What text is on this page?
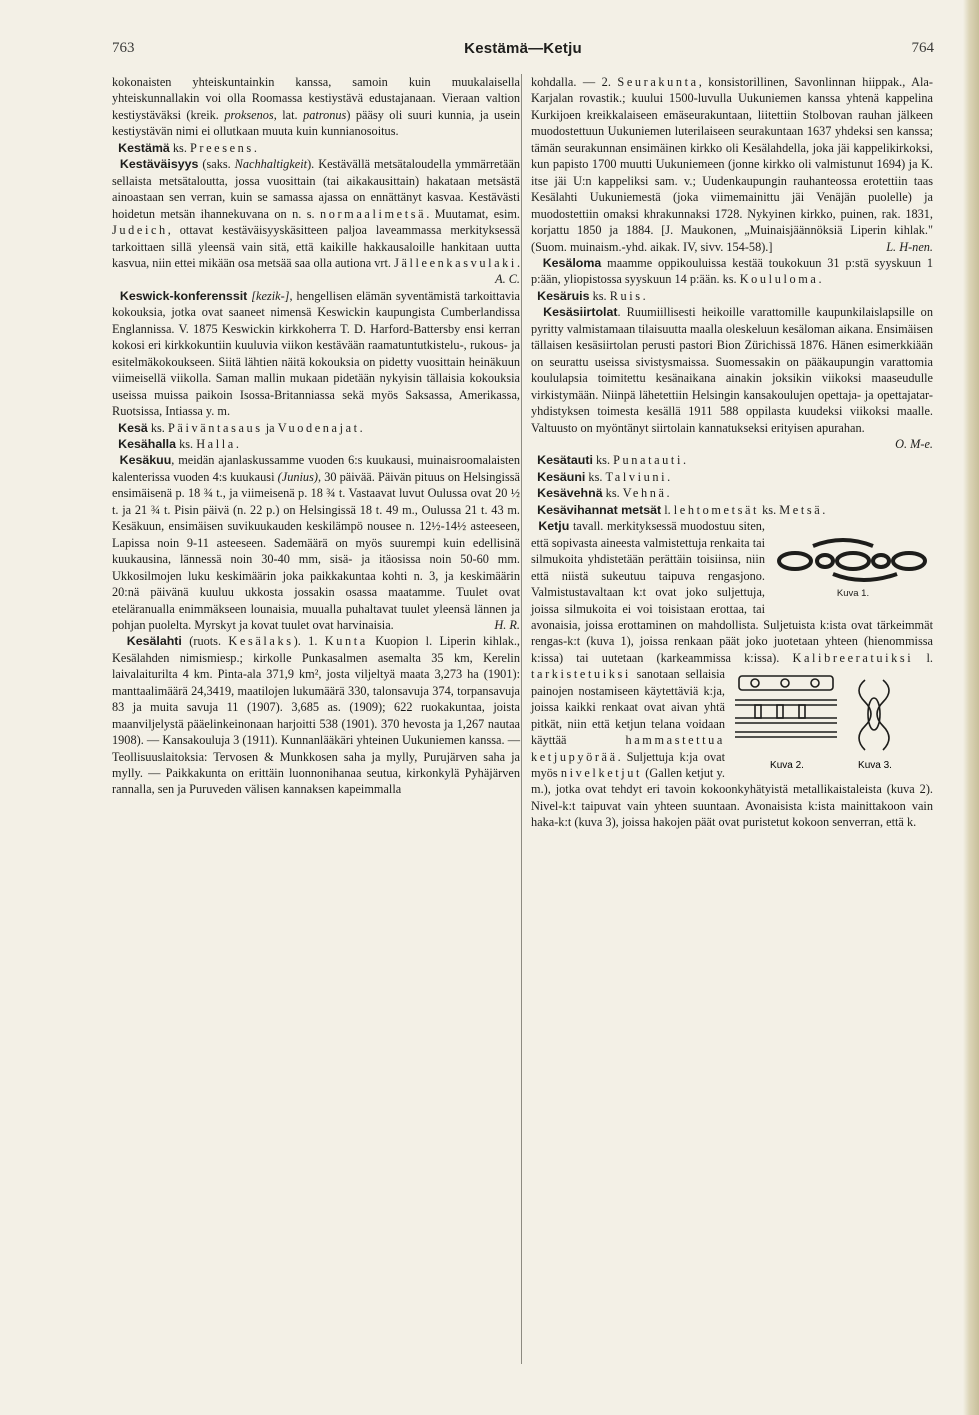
763	Kestämä—Ketju	764

kokonaisten yhteiskuntainkin kanssa, samoin kuin muukalaisella yhteiskunnallakin voi olla Roomassa kestiystävä edustajanaan. Vieraan valtion kestiystäväksi (kreik. proksenos, lat. patronus) pääsy oli suuri kunnia, ja usein kestiystävän nimi ei ollutkaan muuta kuin kunnianosoitus.

Kestämä ks. Preesens.

Kestäväisyys (saks. Nachhaltigkeit). Kestävällä metsätaloudella ymmärretään sellaista metsätaloutta, jossa vuosittain (tai aikakausittain) hakataan metsästä ainoastaan sen verran, kuin se samassa ajassa on ennättänyt kasvaa. Kestävästi hoidetun metsän ihannekuvana on n. s. normaalimetsä. Muutamat, esim. Judeich, ottavat kestäväisyyskäsitteen paljoa laveammassa merkityksessä tarkoittaen sillä yleensä vain sitä, että kaikille hakkausaloille hankitaan uutta kasvua, niin ettei mikään osa metsää saa olla autiona vrt. Jälleenkasvulaki.
A. C.

Keswick-konferenssit [kezik-], hengellisen elämän syventämistä tarkoittavia kokouksia, jotka ovat saaneet nimensä Keswickin kaupungista Cumberlandissa Englannissa. V. 1875 Keswickin kirkkoherra T. D. Harford-Battersby ensi kerran kokosi eri kirkkokuntiin kuuluvia viikon kestävään raamatuntutkistelu-, rukous- ja esitelmäkokoukseen. Siitä lähtien näitä kokouksia on pidetty vuosittain heinäkuun viimeisellä viikolla. Saman mallin mukaan pidetään nykyisin tällaisia kokouksia useissa muissa paikoin Isossa-Britanniassa sekä myös Saksassa, Amerikassa, Ruotsissa, Intiassa y. m.

Kesä ks. Päiväntasaus ja Vuodenajat.

Kesähalla ks. Halla.

Kesäkuu, meidän ajanlaskussamme vuoden 6:s kuukausi, muinaisroomalaisten kalenterissa vuoden 4:s kuukausi (Junius), 30 päivää. Päivän pituus on Helsingissä ensimäisenä p. 18 ¾ t., ja viimeisenä p. 18 ¾ t. Vastaavat luvut Oulussa ovat 20 ½ t. ja 21 ¾ t. Pisin päivä (n. 22 p.) on Helsingissä 18 t. 49 m., Oulussa 21 t. 43 m. Kesäkuun, ensimäisen suvikuukauden keskilämpö nousee n. 12½-14½ asteeseen, Lapissa noin 9-11 asteeseen. Sademäärä on myös suurempi kuin edellisinä kuukausina, lännessä noin 30-40 mm, sisä- ja itäosissa noin 50-60 mm. Ukkosilmojen luku keskimäärin joka paikkakuntaa kohti n. 3, ja keskimäärin 20:nä päivänä kuuluu ukkosta jossakin osassa maatamme. Tuulet ovat eteläranualla enimmäkseen lounaisia, muualla puhaltavat tuulet yleensä lännen ja pohjan puolelta. Myrskyt ja kovat tuulet ovat harvinaisia.	H. R.

Kesälahti (ruots. Kesälaks). 1. Kunta Kuopion l. Liperin kihlak., Kesälahden nimismiesp.; kirkolle Punkasalmen asemalta 35 km, Kerelin laivalaiturilta 4 km. Pinta-ala 371,9 km², josta viljeltyä maata 3,273 ha (1901): manttaalimäärä 24,3419, maatilojen lukumäärä 330, talonsavuja 374, torpansavuja 83 ja muita savuja 11 (1907). 3,685 as. (1909); 622 ruokakuntaa, joista maanviljelystä pääelinkeinonaan harjoitti 538 (1901). 370 hevosta ja 1,267 nautaa 1908). — Kansakouluja 3 (1911). Kunnanlääkäri yhteinen Uukuniemen kanssa. — Teollisuuslaitoksia: Tervosen & Munkkosen saha ja mylly, Purujärven saha ja mylly. — Paikkakunta on erittäin luonnonihanaa seutua, kirkonkylä Pyhäjärven rannalla, sen ja Puruveden välisen kannaksen kapeimmalla

kohdalla. — 2. Seurakunta, konsistorillinen, Savonlinnan hiippak., Ala-Karjalan rovastik.; kuului 1500-luvulla Uukuniemen kanssa yhtenä kappelina Kurkijoen kreikkalaiseen emäseurakuntaan, liitettiin Stolbovan rauhan jälkeen muodostettuun Uukuniemen luterilaiseen seurakuntaan 1637 yhdeksi sen kanssa; tämän seurakunnan ensimäinen kirkko oli Kesälahdella, joka jäi kappelikirkoksi, kun papisto 1700 muutti Uukuniemeen (jonne kirkko oli valmistunut 1694) ja K. itse jäi U:n kappeliksi sam. v.; Uudenkaupungin rauhanteossa erotettiin taas Kesälahti Uukuniemestä (joka viimemainittu jäi Venäjän puolelle) ja muodostettiin omaksi khrakunnaksi 1728. Nykyinen kirkko, puinen, rak. 1831, korjattu 1850 ja 1884. [J. Maukonen, „Muinaisjäännöksiä Liperin kihlak." (Suom. muinaism.-yhd. aikak. IV, sivv. 154-58).]	L. H-nen.

Kesäloma maamme oppikouluissa kestää toukokuun 31 p:stä syyskuun 1 p:ään, yliopistossa syyskuun 14 p:ään. ks. Koululoma.

Kesäruis ks. Ruis.

Kesäsiirtolat. Ruumiillisesti heikoille varattomille kaupunkilaislapsille on pyritty valmistamaan tilaisuutta maalla oleskeluun kesäloman aikana. Ensimäisen tällaisen kesäsiirtolan perusti pastori Bion Zürichissä 1876. Hänen esimerkkiään on seurattu useissa sivistysmaissa. Suomessakin on pääkaupungin varattomia koululapsia toimitettu kesänaikana ainakin joksikin viikoksi maaseudulle virkistymään. Niinpä lähetettiin Helsingin kansakoulujen opettaja- ja opettajatar-yhdistyksen toimesta kesällä 1911 588 oppilasta kuudeksi viikoksi maalle. Valtuusto on myöntänyt siirtolain kannatukseksi erityisen apurahan.

O. M-e.

Kesätauti ks. Punatauti.

Kesäuni ks. Talviuni.

Kesävehnä ks. Vehnä.

Kesävihannat metsät l. lehtometsät ks. Metsä.

Kuva 1.
Ketju tavall. merkityksessä muodostuu siten, että sopivasta aineesta valmistettuja renkaita tai silmukoita yhdistetään perättäin toisiinsa, niin että niistä sukeutuu taipuva rengasjono. Valmistustavaltaan k:t ovat joko suljettuja, joissa silmukoita ei voi toisistaan erottaa, tai avonaisia, joissa erottaminen on mahdollista. Suljetuista k:ista ovat tärkeimmät rengas-k:t (kuva 1), joissa renkaan päät joko juotetaan yhteen (hienommissa k:issa) tai uutetaan (karkeammissa k:issa).
Kuva 2.	Kuva 3.
Kalibreeratuiksi l. tarkistetuiksi sanotaan sellaisia painojen nostamiseen käytettäviä k:ja, joissa kaikki renkaat ovat aivan yhtä pitkät, niin että ketjun telana voidaan käyttää hammastettua ketjupyörää. Suljettuja k:ja ovat myös nivelketjut (Gallen ketjut y. m.), jotka ovat tehdyt eri tavoin kokoonkyhätyistä metallikaistaleista (kuva 2). Nivel-k:t taipuvat vain yhteen suuntaan. Avonaisista k:ista mainittakoon vain haka-k:t (kuva 3), joissa hakojen päät ovat puristetut kokoon senverran, että k.
